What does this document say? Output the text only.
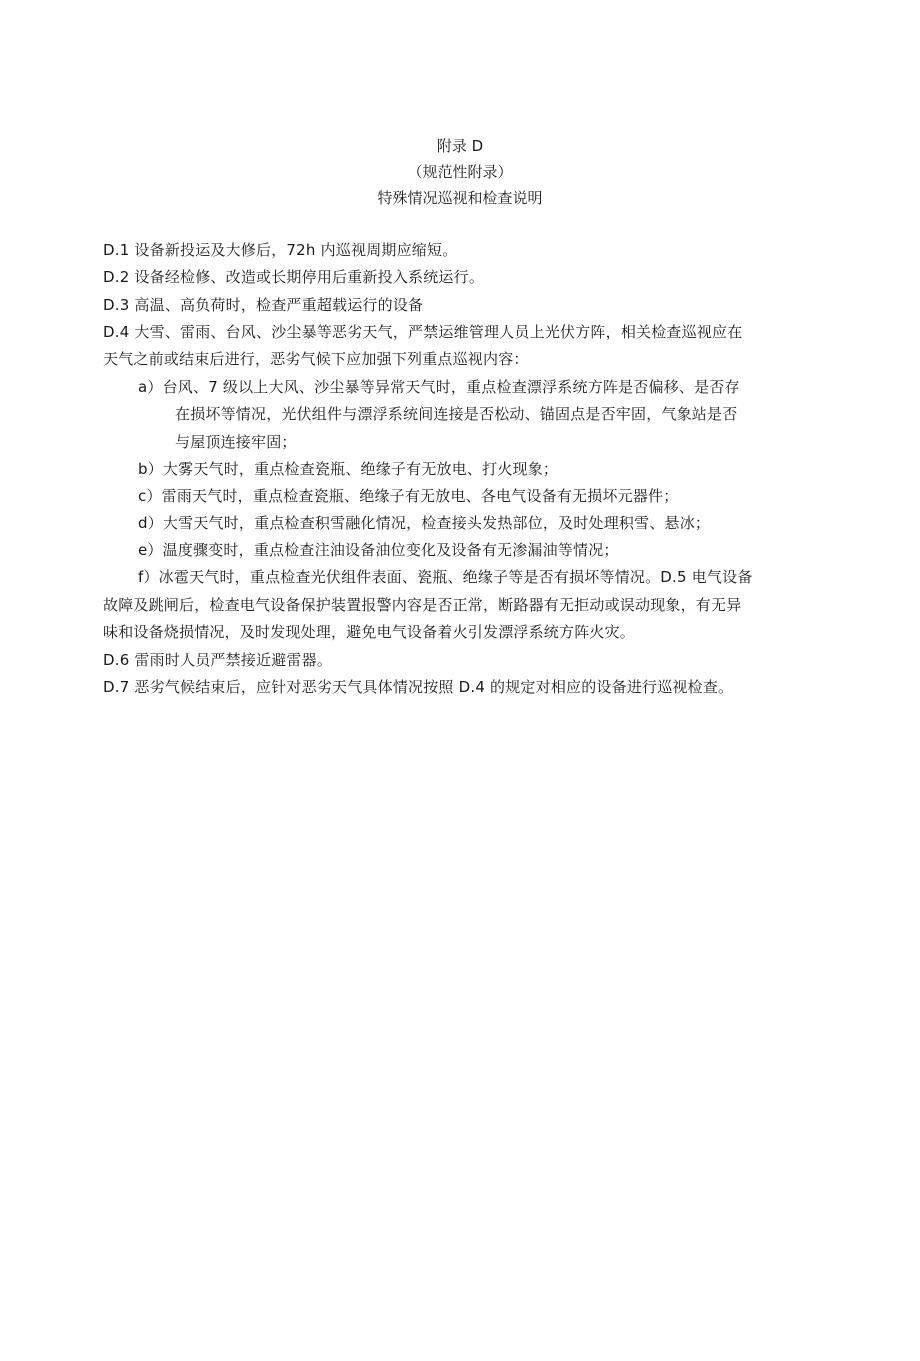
附录 D
（规范性附录）
特殊情况巡视和检查说明
D.1 设备新投运及大修后，72h 内巡视周期应缩短。
D.2 设备经检修、改造或长期停用后重新投入系统运行。
D.3 高温、高负荷时，检查严重超载运行的设备
D.4 大雪、雷雨、台风、沙尘暴等恶劣天气，严禁运维管理人员上光伏方阵，相关检查巡视应在
天气之前或结束后进行，恶劣气候下应加强下列重点巡视内容：
a）台风、7 级以上大风、沙尘暴等异常天气时，重点检查漂浮系统方阵是否偏移、是否存
在损坏等情况，光伏组件与漂浮系统间连接是否松动、锚固点是否牢固，气象站是否
与屋顶连接牢固；
b）大雾天气时，重点检查瓷瓶、绝缘子有无放电、打火现象；
c）雷雨天气时，重点检查瓷瓶、绝缘子有无放电、各电气设备有无损坏元器件；
d）大雪天气时，重点检查积雪融化情况，检查接头发热部位，及时处理积雪、悬冰；
e）温度骤变时，重点检查注油设备油位变化及设备有无渗漏油等情况；
f）冰雹天气时，重点检查光伏组件表面、瓷瓶、绝缘子等是否有损坏等情况。D.5 电气设备
故障及跳闸后，检查电气设备保护装置报警内容是否正常，断路器有无拒动或误动现象，有无异
味和设备烧损情况，及时发现处理，避免电气设备着火引发漂浮系统方阵火灾。
D.6 雷雨时人员严禁接近避雷器。
D.7 恶劣气候结束后，应针对恶劣天气具体情况按照 D.4 的规定对相应的设备进行巡视检查。
